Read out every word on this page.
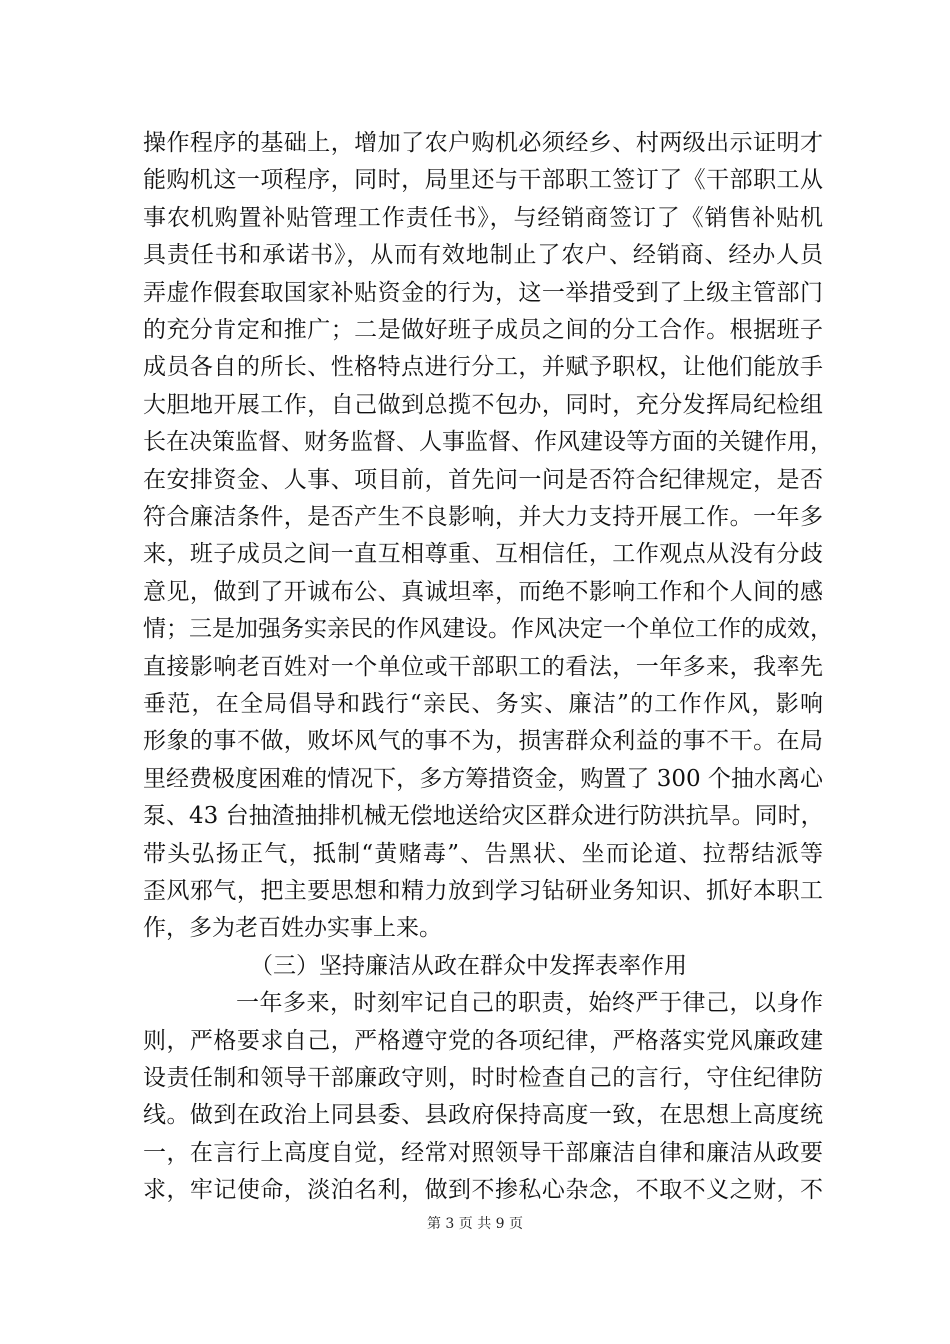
操作程序的基础上，增加了农户购机必须经乡、村两级出示证明才
能购机这一项程序，同时，局里还与干部职工签订了《干部职工从
事农机购置补贴管理工作责任书》，与经销商签订了《销售补贴机
具责任书和承诺书》，从而有效地制止了农户、经销商、经办人员
弄虚作假套取国家补贴资金的行为，这一举措受到了上级主管部门
的充分肯定和推广；二是做好班子成员之间的分工合作。根据班子
成员各自的所长、性格特点进行分工，并赋予职权，让他们能放手
大胆地开展工作，自己做到总揽不包办，同时，充分发挥局纪检组
长在决策监督、财务监督、人事监督、作风建设等方面的关键作用，
在安排资金、人事、项目前，首先问一问是否符合纪律规定，是否
符合廉洁条件，是否产生不良影响，并大力支持开展工作。一年多
来，班子成员之间一直互相尊重、互相信任，工作观点从没有分歧
意见，做到了开诚布公、真诚坦率，而绝不影响工作和个人间的感
情；三是加强务实亲民的作风建设。作风决定一个单位工作的成效，
直接影响老百姓对一个单位或干部职工的看法，一年多来，我率先
垂范，在全局倡导和践行“亲民、务实、廉洁”的工作作风，影响
形象的事不做，败坏风气的事不为，损害群众利益的事不干。在局
里经费极度困难的情况下，多方筹措资金，购置了 300 个抽水离心
泵、43 台抽渣抽排机械无偿地送给灾区群众进行防洪抗旱。同时，
带头弘扬正气，抵制“黄赌毒”、告黑状、坐而论道、拉帮结派等
歪风邪气，把主要思想和精力放到学习钻研业务知识、抓好本职工
作，多为老百姓办实事上来。
（三）坚持廉洁从政在群众中发挥表率作用
一年多来，时刻牢记自己的职责，始终严于律己，以身作
则，严格要求自己，严格遵守党的各项纪律，严格落实党风廉政建
设责任制和领导干部廉政守则，时时检查自己的言行，守住纪律防
线。做到在政治上同县委、县政府保持高度一致，在思想上高度统
一，在言行上高度自觉，经常对照领导干部廉洁自律和廉洁从政要
求，牢记使命，淡泊名利，做到不掺私心杂念，不取不义之财，不
第 3 页 共 9 页
